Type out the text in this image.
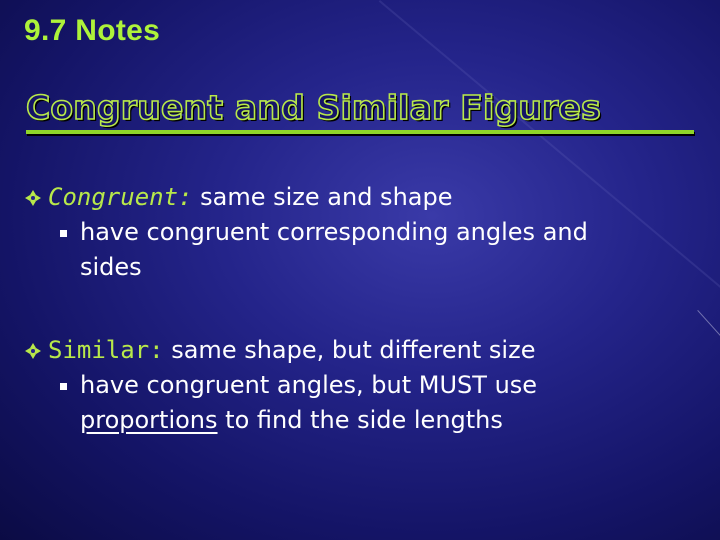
9.7 Notes
Congruent and Similar Figures
Congruent: same size and shape
have congruent corresponding angles and
sides
Similar: same shape, but different size
have congruent angles, but MUST use
proportions to find the side lengths
